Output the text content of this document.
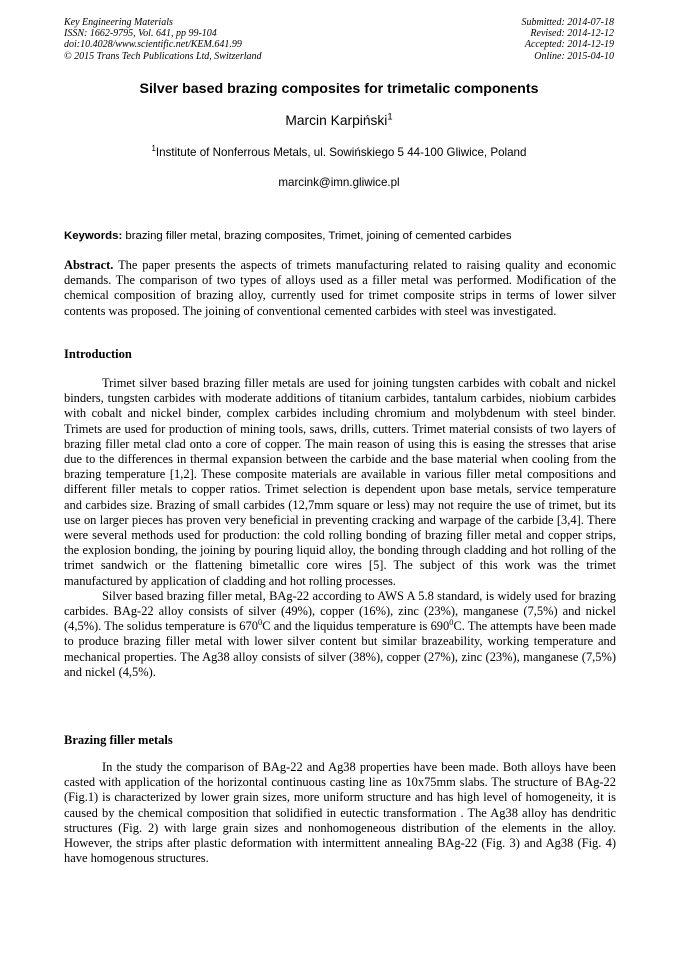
Key Engineering Materials
ISSN: 1662-9795, Vol. 641, pp 99-104
doi:10.4028/www.scientific.net/KEM.641.99
© 2015 Trans Tech Publications Ltd, Switzerland
Submitted: 2014-07-18
Revised: 2014-12-12
Accepted: 2014-12-19
Online: 2015-04-10
Silver based brazing composites for trimetalic components
Marcin Karpiński$^1$
$^1$Institute of Nonferrous Metals, ul. Sowińskiego 5 44-100 Gliwice, Poland
marcink@imn.gliwice.pl
Keywords: brazing filler metal, brazing composites, Trimet, joining of cemented carbides
Abstract. The paper presents the aspects of trimets manufacturing related to raising quality and economic demands. The comparison of two types of alloys used as a filler metal was performed. Modification of the chemical composition of brazing alloy, currently used for trimet composite strips in terms of lower silver contents was proposed. The joining of conventional cemented carbides with steel was investigated.
Introduction

Trimet silver based brazing filler metals are used for joining tungsten carbides with cobalt and nickel binders, tungsten carbides with moderate additions of titanium carbides, tantalum carbides, niobium carbides with cobalt and nickel binder, complex carbides including chromium and molybdenum with steel binder. Trimets are used for production of mining tools, saws, drills, cutters. Trimet material consists of two layers of brazing filler metal clad onto a core of copper. The main reason of using this is easing the stresses that arise due to the differences in thermal expansion between the carbide and the base material when cooling from the brazing temperature [1,2]. These composite materials are available in various filler metal compositions and different filler metals to copper ratios. Trimet selection is dependent upon base metals, service temperature and carbides size. Brazing of small carbides (12,7mm square or less) may not require the use of trimet, but its use on larger pieces has proven very beneficial in preventing cracking and warpage of the carbide [3,4]. There were several methods used for production: the cold rolling bonding of brazing filler metal and copper strips, the explosion bonding, the joining by pouring liquid alloy, the bonding through cladding and hot rolling of the trimet sandwich or the flattening bimetallic core wires [5]. The subject of this work was the trimet manufactured by application of cladding and hot rolling processes.

Silver based brazing filler metal, BAg-22 according to AWS A 5.8 standard, is widely used for brazing carbides. BAg-22 alloy consists of silver (49%), copper (16%), zinc (23%), manganese (7,5%) and nickel (4,5%). The solidus temperature is $670^0C$ and the liquidus temperature is $690^0C$. The attempts have been made to produce brazing filler metal with lower silver content but similar brazeability, working temperature and mechanical properties. The Ag38 alloy consists of silver (38%), copper (27%), zinc (23%), manganese (7,5%) and nickel (4,5%).

Brazing filler metals

In the study the comparison of BAg-22 and Ag38 properties have been made. Both alloys have been casted with application of the horizontal continuous casting line as 10x75mm slabs. The structure of BAg-22 (Fig.1) is characterized by lower grain sizes, more uniform structure and has high level of homogeneity, it is caused by the chemical composition that solidified in eutectic transformation . The Ag38 alloy has dendritic structures (Fig. 2) with large grain sizes and nonhomogeneous distribution of the elements in the alloy. However, the strips after plastic deformation with intermittent annealing BAg-22 (Fig. 3) and Ag38 (Fig. 4) have homogenous structures.
